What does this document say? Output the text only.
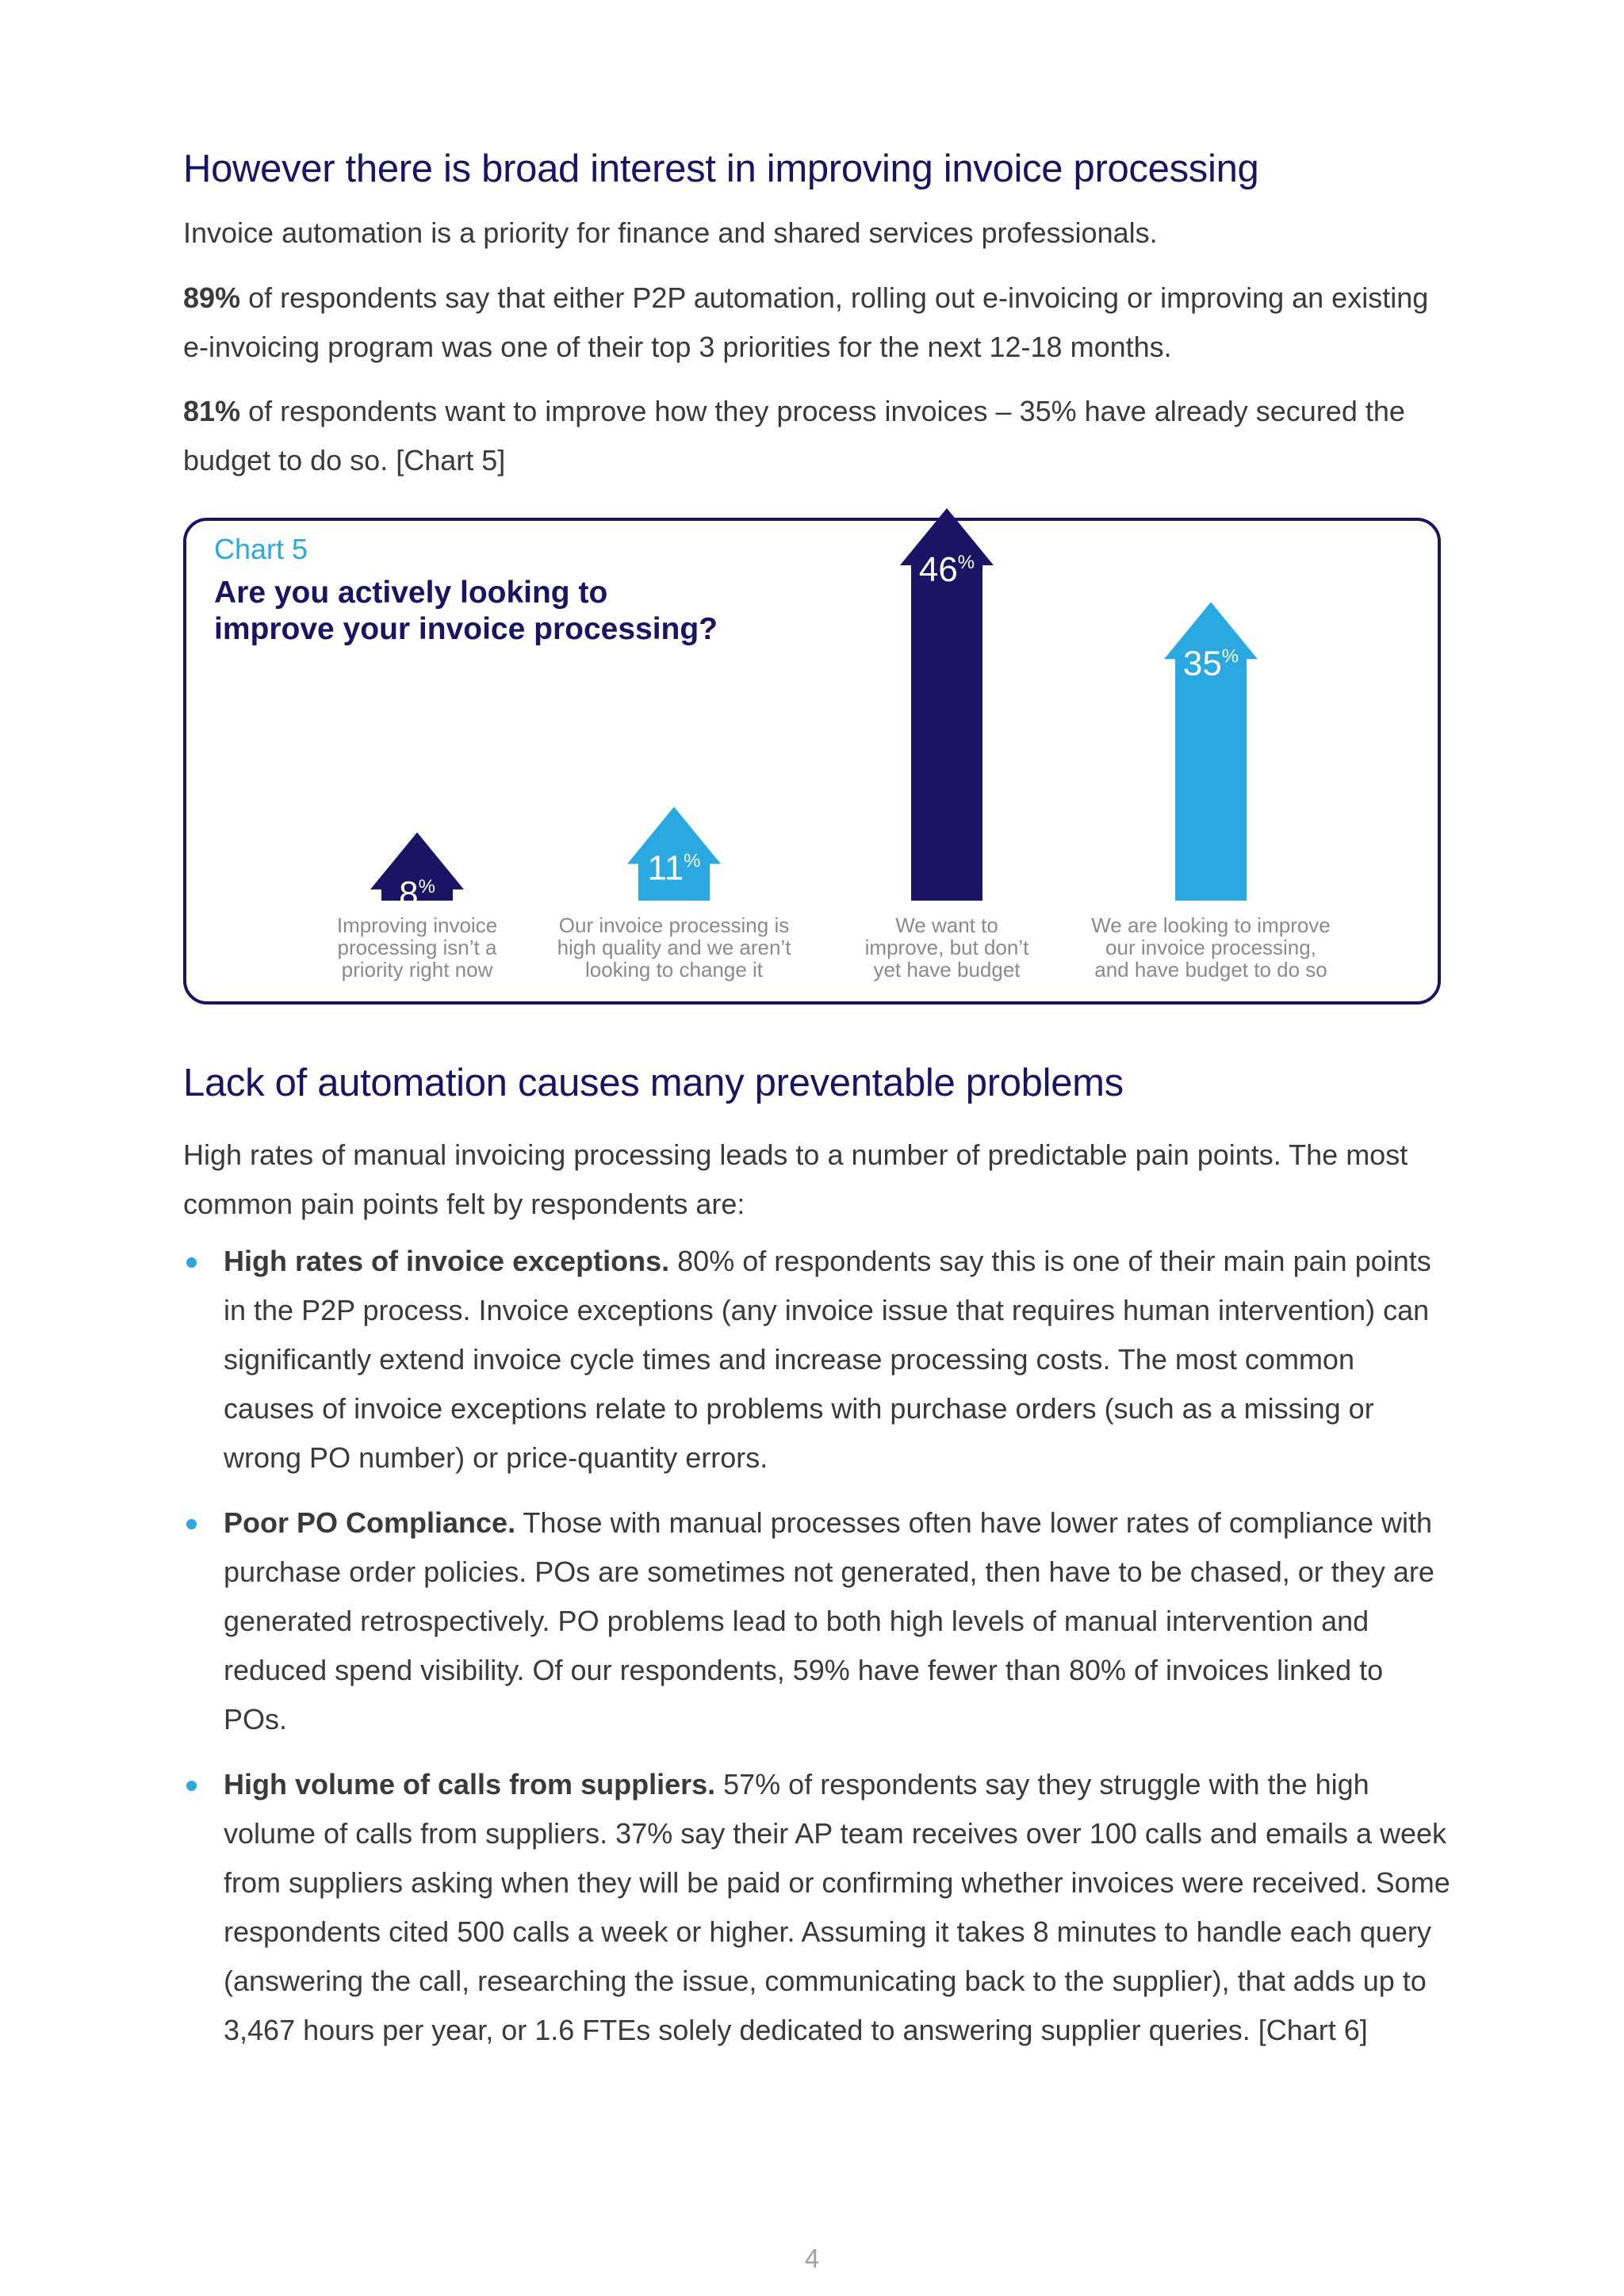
However there is broad interest in improving invoice processing

Invoice automation is a priority for finance and shared services professionals.

89% of respondents say that either P2P automation, rolling out e-invoicing or improving an existing e-invoicing program was one of their top 3 priorities for the next 12-18 months.

81% of respondents want to improve how they process invoices – 35% have already secured the budget to do so. [Chart 5]

Chart 5
Are you actively looking to
improve your invoice processing?
8%
Improving invoice processing isn’t a priority right now
11%
Our invoice processing is high quality and we aren’t looking to change it
46%
We want to improve, but don’t yet have budget
35%
We are looking to improve our invoice processing, and have budget to do so
Lack of automation causes many preventable problems

High rates of manual invoicing processing leads to a number of predictable pain points. The most common pain points felt by respondents are:

High rates of invoice exceptions. 80% of respondents say this is one of their main pain points in the P2P process. Invoice exceptions (any invoice issue that requires human intervention) can significantly extend invoice cycle times and increase processing costs. The most common causes of invoice exceptions relate to problems with purchase orders (such as a missing or wrong PO number) or price-quantity errors.
Poor PO Compliance. Those with manual processes often have lower rates of compliance with purchase order policies. POs are sometimes not generated, then have to be chased, or they are generated retrospectively. PO problems lead to both high levels of manual intervention and reduced spend visibility. Of our respondents, 59% have fewer than 80% of invoices linked to POs.
High volume of calls from suppliers. 57% of respondents say they struggle with the high volume of calls from suppliers. 37% say their AP team receives over 100 calls and emails a week from suppliers asking when they will be paid or confirming whether invoices were received. Some respondents cited 500 calls a week or higher. Assuming it takes 8 minutes to handle each query (answering the call, researching the issue, communicating back to the supplier), that adds up to 3,467 hours per year, or 1.6 FTEs solely dedicated to answering supplier queries. [Chart 6]
4
